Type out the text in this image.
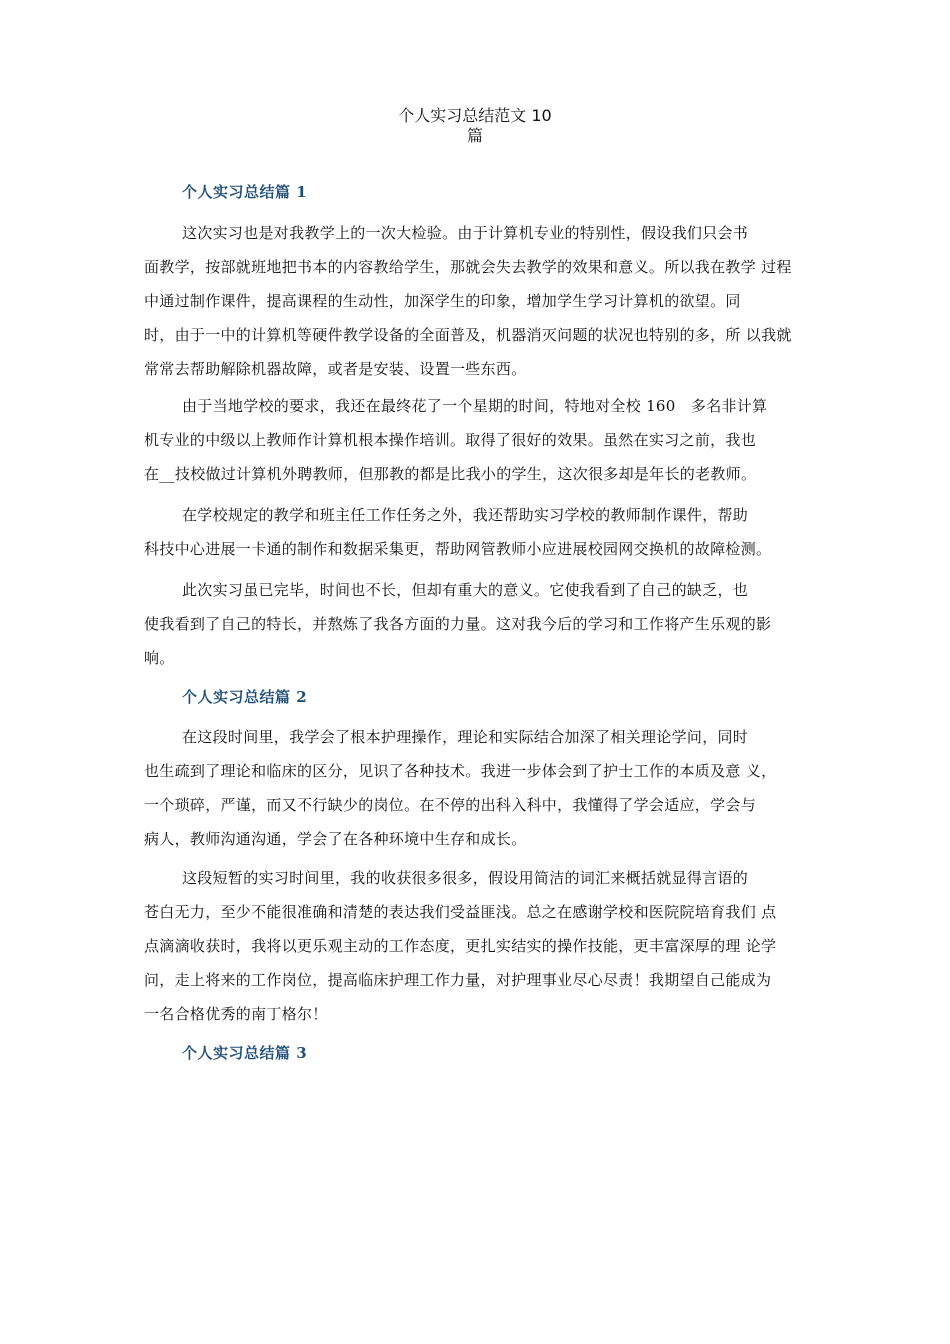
个人实习总结范文 10
篇
个人实习总结篇 1
这次实习也是对我教学上的一次大检验。由于计算机专业的特别性，假设我们只会书
面教学，按部就班地把书本的内容教给学生，那就会失去教学的效果和意义。所以我在教学 过程
中通过制作课件，提高课程的生动性，加深学生的印象，增加学生学习计算机的欲望。同
时，由于一中的计算机等硬件教学设备的全面普及，机器消灭问题的状况也特别的多，所 以我就
常常去帮助解除机器故障，或者是安装、设置一些东西。
由于当地学校的要求，我还在最终花了一个星期的时间，特地对全校 160　多名非计算
机专业的中级以上教师作计算机根本操作培训。取得了很好的效果。虽然在实习之前，我也
在__技校做过计算机外聘教师，但那教的都是比我小的学生，这次很多却是年长的老教师。
在学校规定的教学和班主任工作任务之外，我还帮助实习学校的教师制作课件，帮助
科技中心进展一卡通的制作和数据采集更，帮助网管教师小应进展校园网交换机的故障检测。
此次实习虽已完毕，时间也不长，但却有重大的意义。它使我看到了自己的缺乏，也
使我看到了自己的特长，并熬炼了我各方面的力量。这对我今后的学习和工作将产生乐观的影
响。
个人实习总结篇 2
在这段时间里，我学会了根本护理操作，理论和实际结合加深了相关理论学问，同时
也生疏到了理论和临床的区分，见识了各种技术。我进一步体会到了护士工作的本质及意 义，
一个琐碎，严谨，而又不行缺少的岗位。在不停的出科入科中，我懂得了学会适应，学会与
病人，教师沟通沟通，学会了在各种环境中生存和成长。
这段短暂的实习时间里，我的收获很多很多，假设用简洁的词汇来概括就显得言语的
苍白无力，至少不能很准确和清楚的表达我们受益匪浅。总之在感谢学校和医院院培育我们 点
点滴滴收获时，我将以更乐观主动的工作态度，更扎实结实的操作技能，更丰富深厚的理 论学
问，走上将来的工作岗位，提高临床护理工作力量，对护理事业尽心尽责！我期望自己能成为
一名合格优秀的南丁格尔！
个人实习总结篇 3
